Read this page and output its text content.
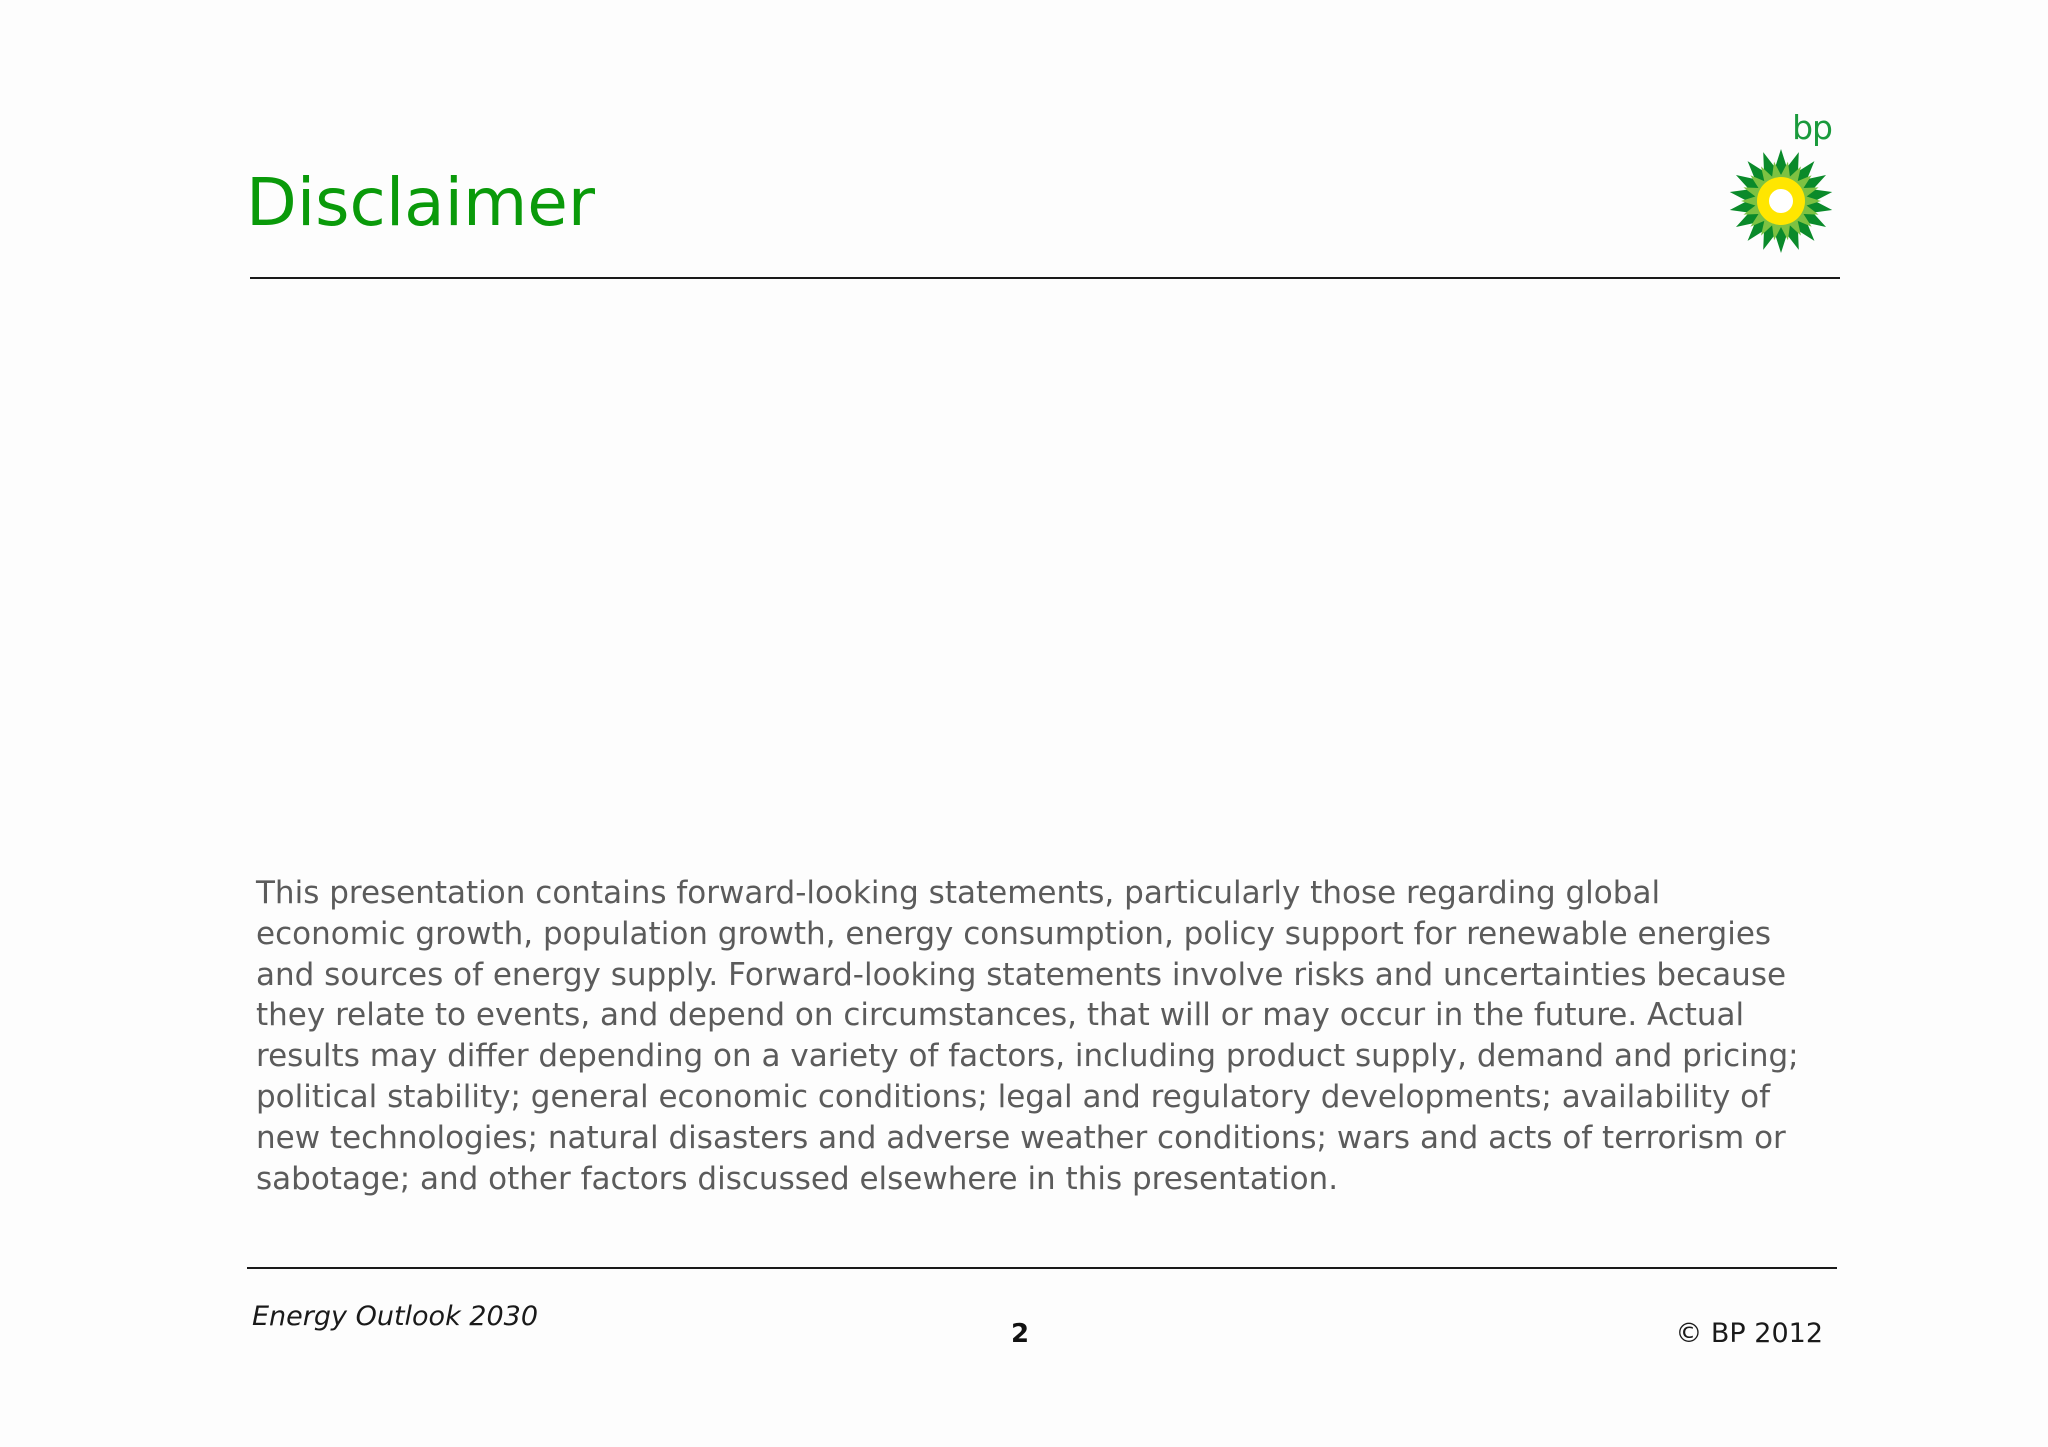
Disclaimer
bp

This presentation contains forward-looking statements, particularly those regarding global economic growth, population growth, energy consumption, policy support for renewable energies and sources of energy supply. Forward-looking statements involve risks and uncertainties because they relate to events, and depend on circumstances, that will or may occur in the future. Actual results may differ depending on a variety of factors, including product supply, demand and pricing; political stability; general economic conditions; legal and regulatory developments; availability of new technologies; natural disasters and adverse weather conditions; wars and acts of terrorism or sabotage; and other factors discussed elsewhere in this presentation.

Energy Outlook 2030
2	© BP 2012
